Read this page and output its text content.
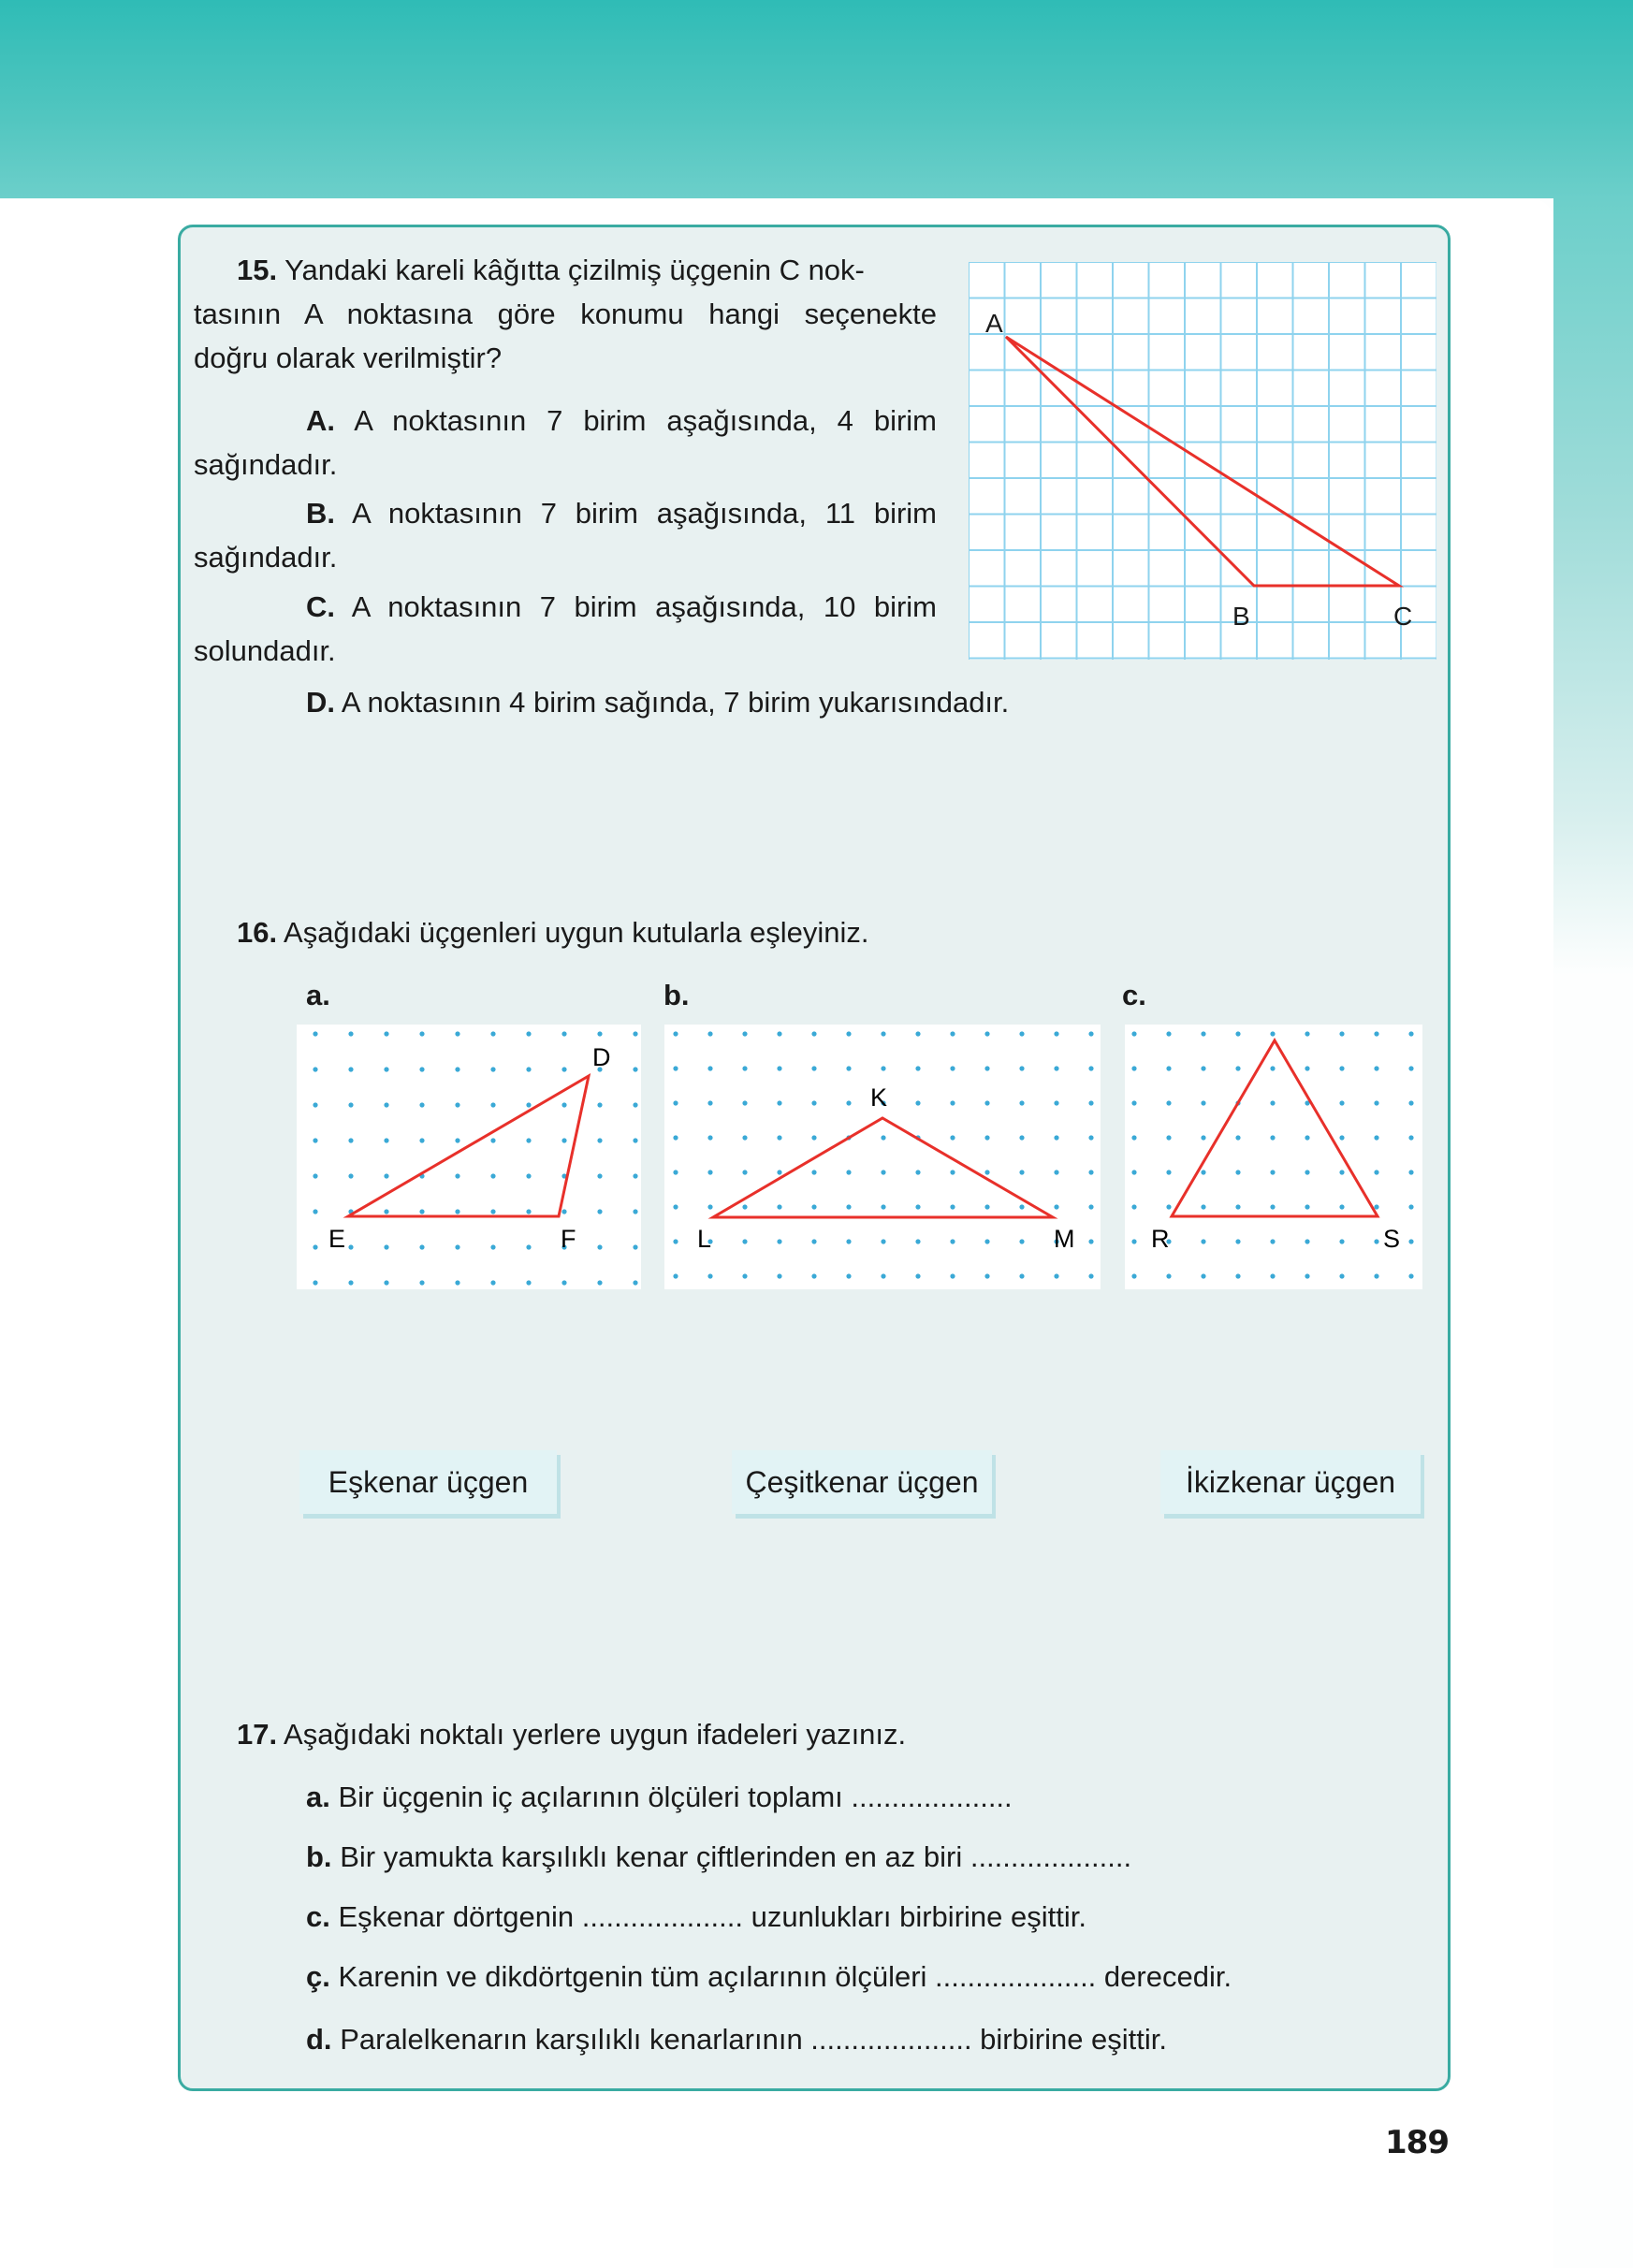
15. Yandaki kareli kâğıtta çizilmiş üçgenin C nok-
tasının A noktasına göre konumu hangi seçenekte
doğru olarak verilmiştir?
A. A noktasının 7 birim aşağısında, 4 birim
sağındadır.
B. A noktasının 7 birim aşağısında, 11 birim
sağındadır.
C. A noktasının 7 birim aşağısında, 10 birim
solundadır.
D. A noktasının 4 birim sağında, 7 birim yukarısındadır.
A
B	C
16. Aşağıdaki üçgenleri uygun kutularla eşleyiniz.
a.	b.	c.
D
E	F
K
L	M	R	S
Eşkenar üçgen	Çeşitkenar üçgen	İkizkenar üçgen
17. Aşağıdaki noktalı yerlere uygun ifadeleri yazınız.
a. Bir üçgenin iç açılarının ölçüleri toplamı ....................
b. Bir yamukta karşılıklı kenar çiftlerinden en az biri ....................
c. Eşkenar dörtgenin .................... uzunlukları birbirine eşittir.
ç. Karenin ve dikdörtgenin tüm açılarının ölçüleri .................... derecedir.
d. Paralelkenarın karşılıklı kenarlarının .................... birbirine eşittir.
189
